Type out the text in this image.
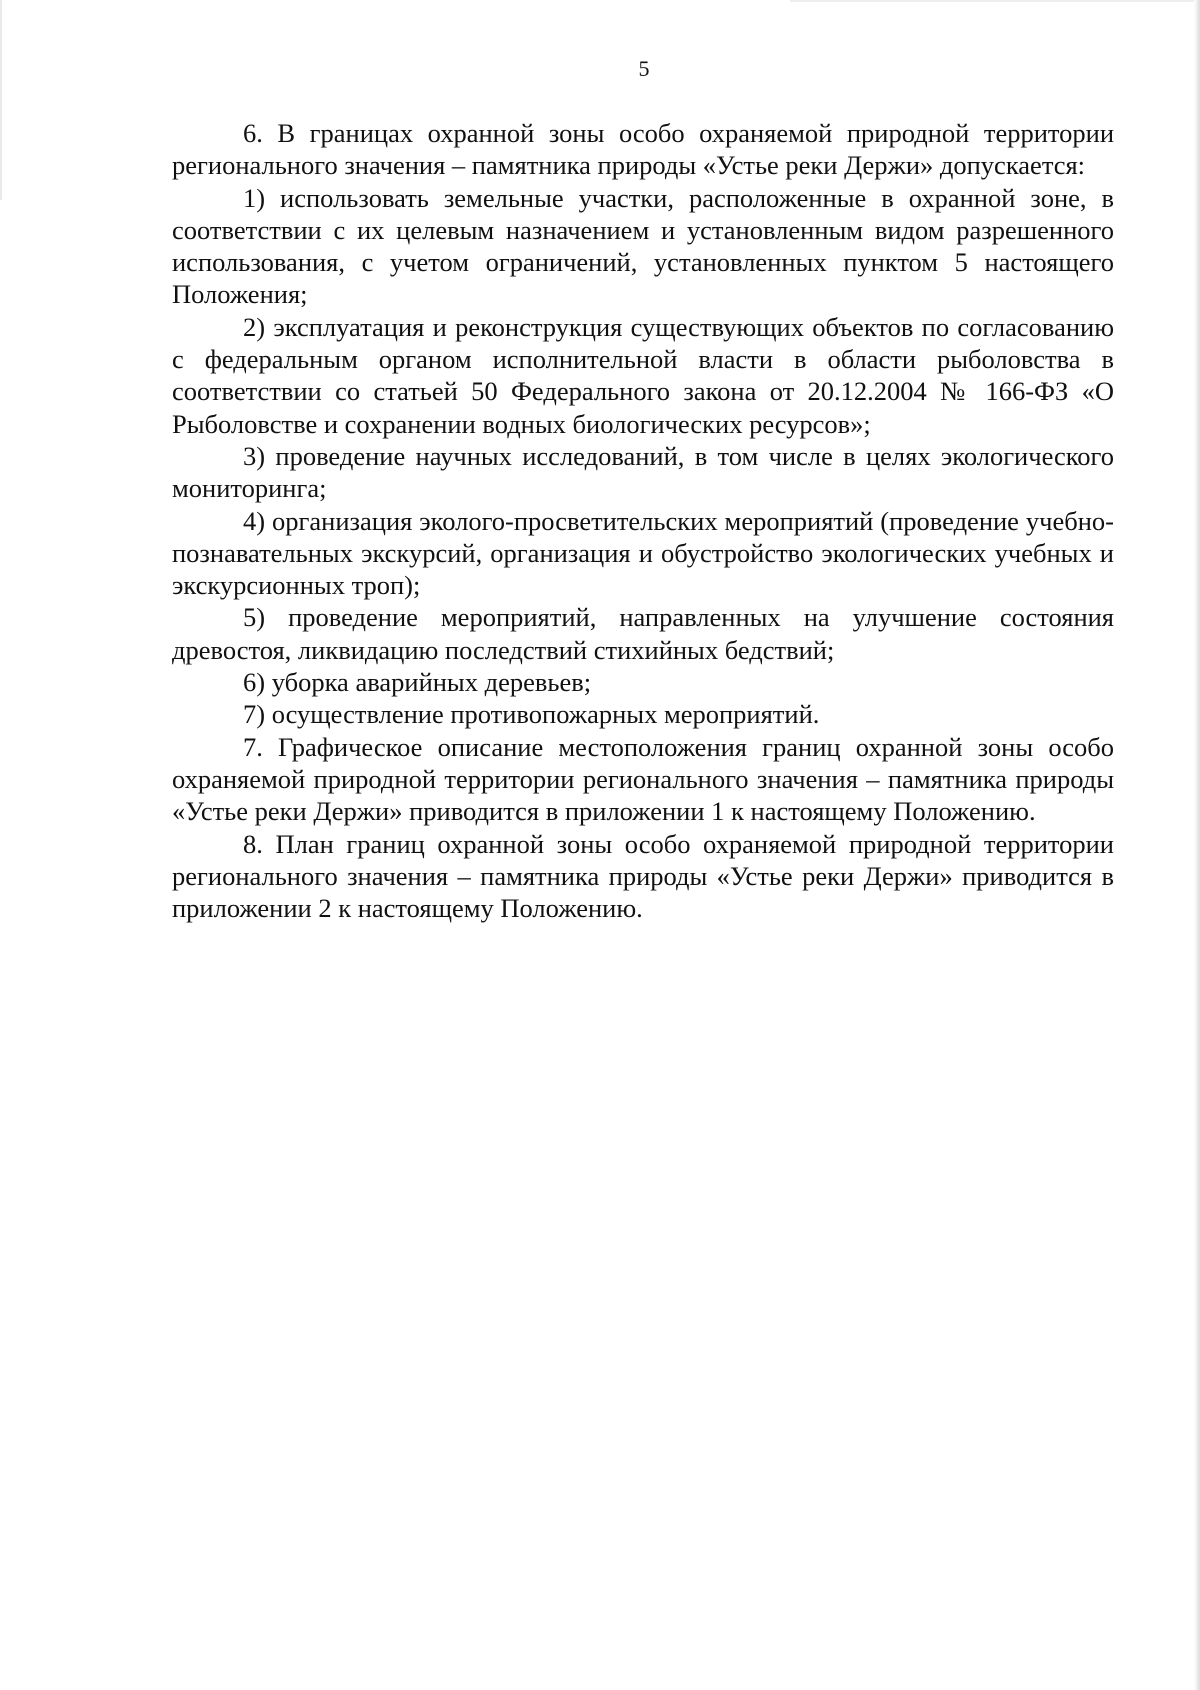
5

6. В границах охранной зоны особо охраняемой природной территории регионального значения – памятника природы «Устье реки Держи» допускается:

1) использовать земельные участки, расположенные в охранной зоне, в соответствии с их целевым назначением и установленным видом разрешенного использования, с учетом ограничений, установленных пунктом 5 настоящего Положения;

2) эксплуатация и реконструкция существующих объектов по согласованию с федеральным органом исполнительной власти в области рыболовства в соответствии со статьей 50 Федерального закона от 20.12.2004 № 166-ФЗ «О Рыболовстве и сохранении водных биологических ресурсов»;

3) проведение научных исследований, в том числе в целях экологического мониторинга;

4) организация эколого-просветительских мероприятий (проведение учебно-познавательных экскурсий, организация и обустройство экологических учебных и экскурсионных троп);

5) проведение мероприятий, направленных на улучшение состояния древостоя, ликвидацию последствий стихийных бедствий;

6) уборка аварийных деревьев;

7) осуществление противопожарных мероприятий.

7. Графическое описание местоположения границ охранной зоны особо охраняемой природной территории регионального значения – памятника природы «Устье реки Держи» приводится в приложении 1 к настоящему Положению.

8. План границ охранной зоны особо охраняемой природной территории регионального значения – памятника природы «Устье реки Держи» приводится в приложении 2 к настоящему Положению.
